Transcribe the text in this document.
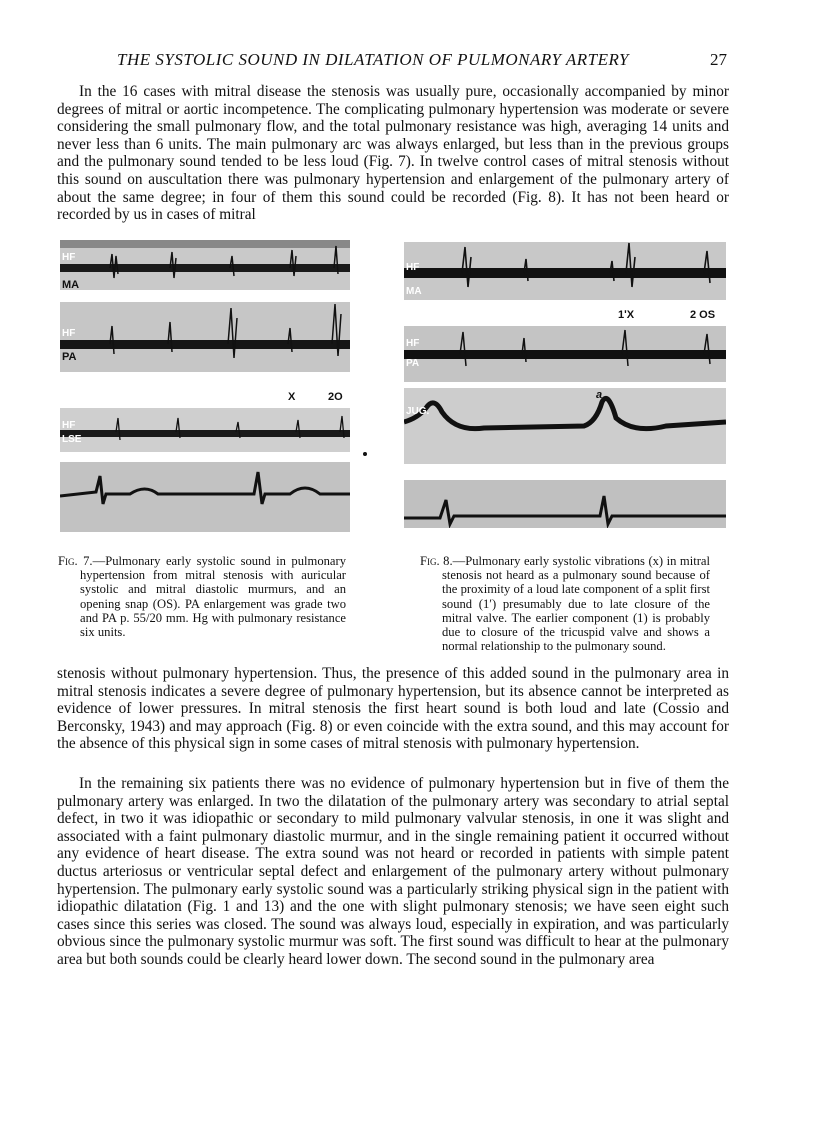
THE SYSTOLIC SOUND IN DILATATION OF PULMONARY ARTERY	27

In the 16 cases with mitral disease the stenosis was usually pure, occasionally accompanied by minor degrees of mitral or aortic incompetence. The complicating pulmonary hypertension was moderate or severe considering the small pulmonary flow, and the total pulmonary resistance was high, averaging 14 units and never less than 6 units. The main pulmonary arc was always enlarged, but less than in the previous groups and the pulmonary sound tended to be less loud (Fig. 7). In twelve control cases of mitral stenosis without this sound on auscultation there was pulmonary hypertension and enlargement of the pulmonary artery of about the same degree; in four of them this sound could be recorded (Fig. 8). It has not been heard or recorded by us in cases of mitral

HF
MA
HF
PA
X	2O
HF
LSE
HF
MA
1ʹX	2 OS
HF
PA
a
JUG.

Fig. 7.—Pulmonary early systolic sound in pulmonary hypertension from mitral stenosis with auricular systolic and mitral diastolic murmurs, and an opening snap (OS). PA enlargement was grade two and PA p. 55/20 mm. Hg with pulmonary resistance six units.

Fig. 8.—Pulmonary early systolic vibrations (x) in mitral stenosis not heard as a pulmonary sound because of the proximity of a loud late component of a split first sound (1ʹ) presumably due to late closure of the mitral valve. The earlier component (1) is probably due to closure of the tricuspid valve and shows a normal relationship to the pulmonary sound.

stenosis without pulmonary hypertension. Thus, the presence of this added sound in the pulmonary area in mitral stenosis indicates a severe degree of pulmonary hypertension, but its absence cannot be interpreted as evidence of lower pressures. In mitral stenosis the first heart sound is both loud and late (Cossio and Berconsky, 1943) and may approach (Fig. 8) or even coincide with the extra sound, and this may account for the absence of this physical sign in some cases of mitral stenosis with pulmonary hypertension.

In the remaining six patients there was no evidence of pulmonary hypertension but in five of them the pulmonary artery was enlarged. In two the dilatation of the pulmonary artery was secondary to atrial septal defect, in two it was idiopathic or secondary to mild pulmonary valvular stenosis, in one it was slight and associated with a faint pulmonary diastolic murmur, and in the single remaining patient it occurred without any evidence of heart disease. The extra sound was not heard or recorded in patients with simple patent ductus arteriosus or ventricular septal defect and enlargement of the pulmonary artery without pulmonary hypertension. The pulmonary early systolic sound was a particularly striking physical sign in the patient with idiopathic dilatation (Fig. 1 and 13) and the one with slight pulmonary stenosis; we have seen eight such cases since this series was closed. The sound was always loud, especially in expiration, and was particularly obvious since the pulmonary systolic murmur was soft. The first sound was difficult to hear at the pulmonary area but both sounds could be clearly heard lower down. The second sound in the pulmonary area
